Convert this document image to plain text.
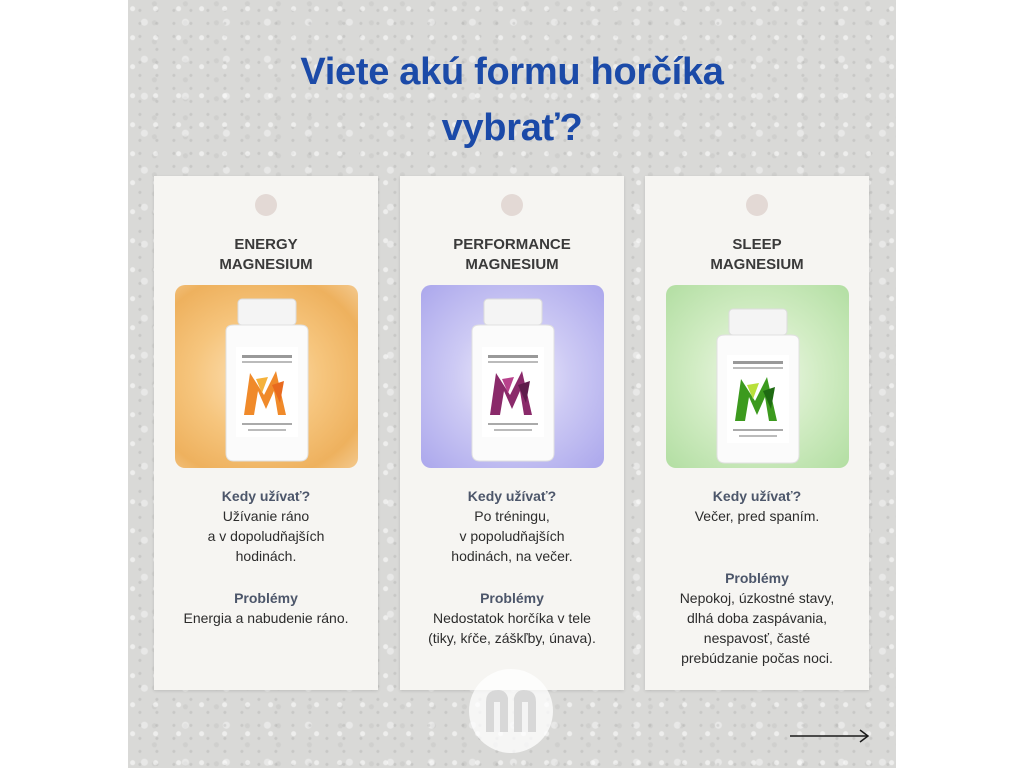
Viete akú formu horčíka
vybrať?
ENERGY
MAGNESIUM
Kedy užívať?
Užívanie ráno
a v dopoludňajších
hodinách.
Problémy
Energia a nabudenie ráno.
PERFORMANCE
MAGNESIUM
Kedy užívať?
Po tréningu,
v popoludňajších
hodinách, na večer.
Problémy
Nedostatok horčíka v tele
(tiky, kŕče, záškľby, únava).
SLEEP
MAGNESIUM
Kedy užívať?
Večer, pred spaním.
Problémy
Nepokoj, úzkostné stavy,
dlhá doba zaspávania,
nespavosť, časté
prebúdzanie počas noci.
